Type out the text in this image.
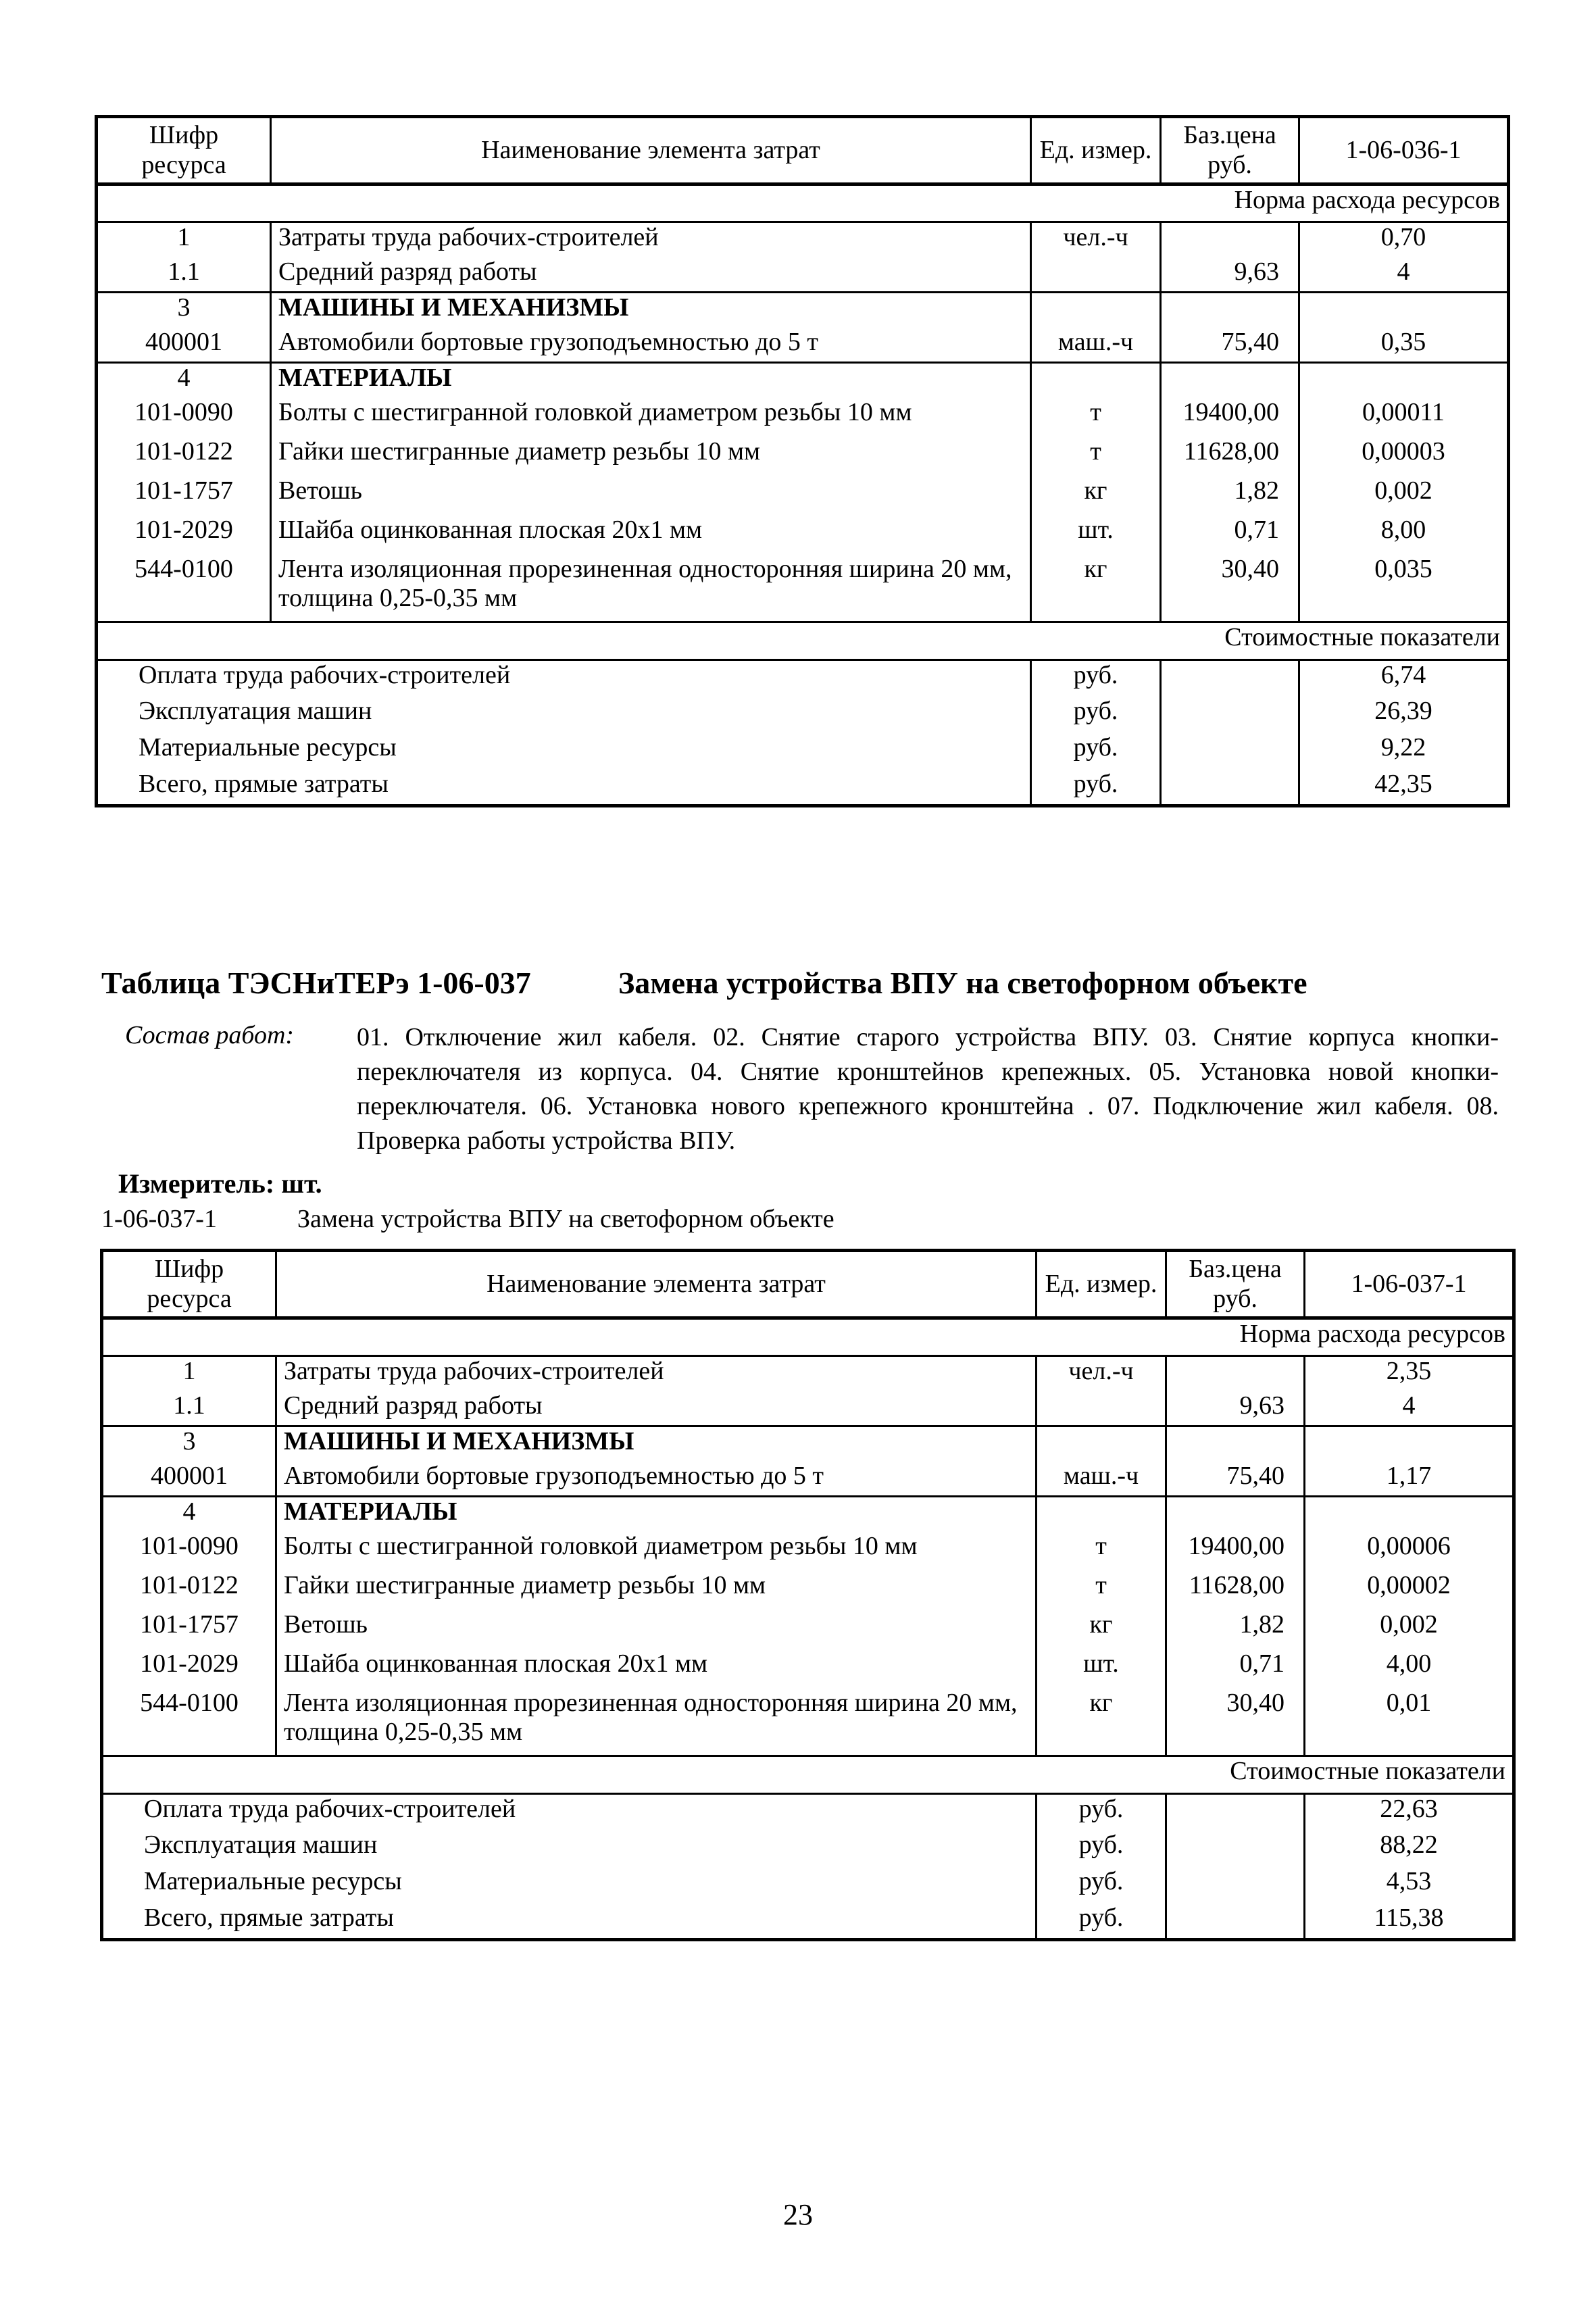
Шифр ресурса	Наименование элемента затрат	Ед. измер.	Баз.цена руб.	1-06-036-1
Норма расхода ресурсов				
1	Затраты труда рабочих-строителей	чел.-ч		0,70
1.1	Средний разряд работы		9,63	4
3	МАШИНЫ И МЕХАНИЗМЫ			
400001	Автомобили бортовые грузоподъемностью до 5 т	маш.-ч	75,40	0,35
4	МАТЕРИАЛЫ			
101-0090	Болты с шестигранной головкой диаметром резьбы 10 мм	т	19400,00	0,00011
101-0122	Гайки шестигранные диаметр резьбы 10 мм	т	11628,00	0,00003
101-1757	Ветошь	кг	1,82	0,002
101-2029	Шайба оцинкованная плоская 20х1 мм	шт.	0,71	8,00
544-0100	Лента изоляционная прорезиненная односторонняя ширина 20 мм, толщина 0,25-0,35 мм	кг	30,40	0,035
Стоимостные показатели				
Оплата труда рабочих-строителей		руб.		6,74
Эксплуатация машин		руб.		26,39
Материальные ресурсы		руб.		9,22
Всего, прямые затраты		руб.		42,35
Таблица ТЭСНиТЕРэ 1-06-037	Замена устройства ВПУ на светофорном объекте
Состав работ: 01. Отключение жил кабеля. 02. Снятие старого устройства ВПУ. 03. Снятие корпуса кнопки-переключателя из корпуса. 04. Снятие кронштейнов крепежных. 05. Установка новой кнопки-переключателя. 06. Установка нового крепежного кронштейна . 07. Подключение жил кабеля. 08. Проверка работы устройства ВПУ.
Измеритель: шт.
1-06-037-1	Замена устройства ВПУ на светофорном объекте
Шифр ресурса	Наименование элемента затрат	Ед. измер.	Баз.цена руб.	1-06-037-1
Норма расхода ресурсов				
1	Затраты труда рабочих-строителей	чел.-ч		2,35
1.1	Средний разряд работы		9,63	4
3	МАШИНЫ И МЕХАНИЗМЫ			
400001	Автомобили бортовые грузоподъемностью до 5 т	маш.-ч	75,40	1,17
4	МАТЕРИАЛЫ			
101-0090	Болты с шестигранной головкой диаметром резьбы 10 мм	т	19400,00	0,00006
101-0122	Гайки шестигранные диаметр резьбы 10 мм	т	11628,00	0,00002
101-1757	Ветошь	кг	1,82	0,002
101-2029	Шайба оцинкованная плоская 20х1 мм	шт.	0,71	4,00
544-0100	Лента изоляционная прорезиненная односторонняя ширина 20 мм, толщина 0,25-0,35 мм	кг	30,40	0,01
Стоимостные показатели				
Оплата труда рабочих-строителей		руб.		22,63
Эксплуатация машин		руб.		88,22
Материальные ресурсы		руб.		4,53
Всего, прямые затраты		руб.		115,38
23
